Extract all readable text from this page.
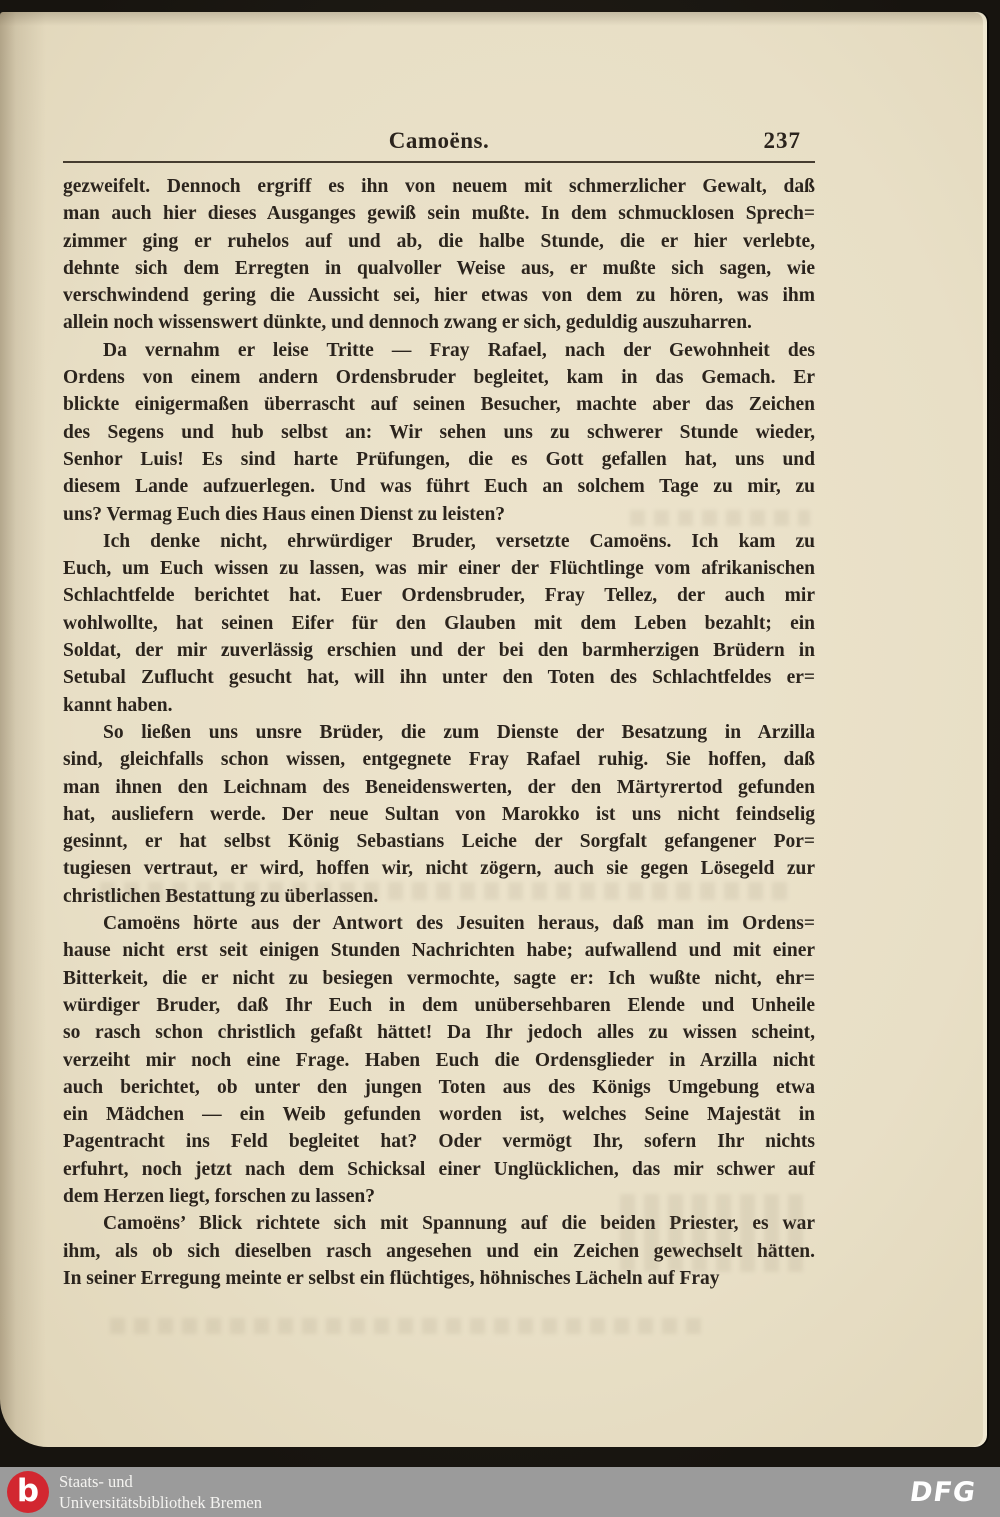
Camoëns.	237
gezweifelt. Dennoch ergriff es ihn von neuem mit schmerzlicher Gewalt, daß
man auch hier dieses Ausganges gewiß sein mußte. In dem schmucklosen Sprech=
zimmer ging er ruhelos auf und ab, die halbe Stunde, die er hier verlebte,
dehnte sich dem Erregten in qualvoller Weise aus, er mußte sich sagen, wie
verschwindend gering die Aussicht sei, hier etwas von dem zu hören, was ihm
allein noch wissenswert dünkte, und dennoch zwang er sich, geduldig auszuharren.
Da vernahm er leise Tritte — Fray Rafael, nach der Gewohnheit des
Ordens von einem andern Ordensbruder begleitet, kam in das Gemach. Er
blickte einigermaßen überrascht auf seinen Besucher, machte aber das Zeichen
des Segens und hub selbst an: Wir sehen uns zu schwerer Stunde wieder,
Senhor Luis! Es sind harte Prüfungen, die es Gott gefallen hat, uns und
diesem Lande aufzuerlegen. Und was führt Euch an solchem Tage zu mir, zu
uns? Vermag Euch dies Haus einen Dienst zu leisten?
Ich denke nicht, ehrwürdiger Bruder, versetzte Camoëns. Ich kam zu
Euch, um Euch wissen zu lassen, was mir einer der Flüchtlinge vom afrikanischen
Schlachtfelde berichtet hat. Euer Ordensbruder, Fray Tellez, der auch mir
wohlwollte, hat seinen Eifer für den Glauben mit dem Leben bezahlt; ein
Soldat, der mir zuverlässig erschien und der bei den barmherzigen Brüdern in
Setubal Zuflucht gesucht hat, will ihn unter den Toten des Schlachtfeldes er=
kannt haben.
So ließen uns unsre Brüder, die zum Dienste der Besatzung in Arzilla
sind, gleichfalls schon wissen, entgegnete Fray Rafael ruhig. Sie hoffen, daß
man ihnen den Leichnam des Beneidenswerten, der den Märtyrertod gefunden
hat, ausliefern werde. Der neue Sultan von Marokko ist uns nicht feindselig
gesinnt, er hat selbst König Sebastians Leiche der Sorgfalt gefangener Por=
tugiesen vertraut, er wird, hoffen wir, nicht zögern, auch sie gegen Lösegeld zur
christlichen Bestattung zu überlassen.
Camoëns hörte aus der Antwort des Jesuiten heraus, daß man im Ordens=
hause nicht erst seit einigen Stunden Nachrichten habe; aufwallend und mit einer
Bitterkeit, die er nicht zu besiegen vermochte, sagte er: Ich wußte nicht, ehr=
würdiger Bruder, daß Ihr Euch in dem unübersehbaren Elende und Unheile
so rasch schon christlich gefaßt hättet! Da Ihr jedoch alles zu wissen scheint,
verzeiht mir noch eine Frage. Haben Euch die Ordensglieder in Arzilla nicht
auch berichtet, ob unter den jungen Toten aus des Königs Umgebung etwa
ein Mädchen — ein Weib gefunden worden ist, welches Seine Majestät in
Pagentracht ins Feld begleitet hat? Oder vermögt Ihr, sofern Ihr nichts
erfuhrt, noch jetzt nach dem Schicksal einer Unglücklichen, das mir schwer auf
dem Herzen liegt, forschen zu lassen?
Camoëns’ Blick richtete sich mit Spannung auf die beiden Priester, es war
ihm, als ob sich dieselben rasch angesehen und ein Zeichen gewechselt hätten.
In seiner Erregung meinte er selbst ein flüchtiges, höhnisches Lächeln auf Fray
b	Staats- und
Universitätsbibliothek Bremen	DFG
